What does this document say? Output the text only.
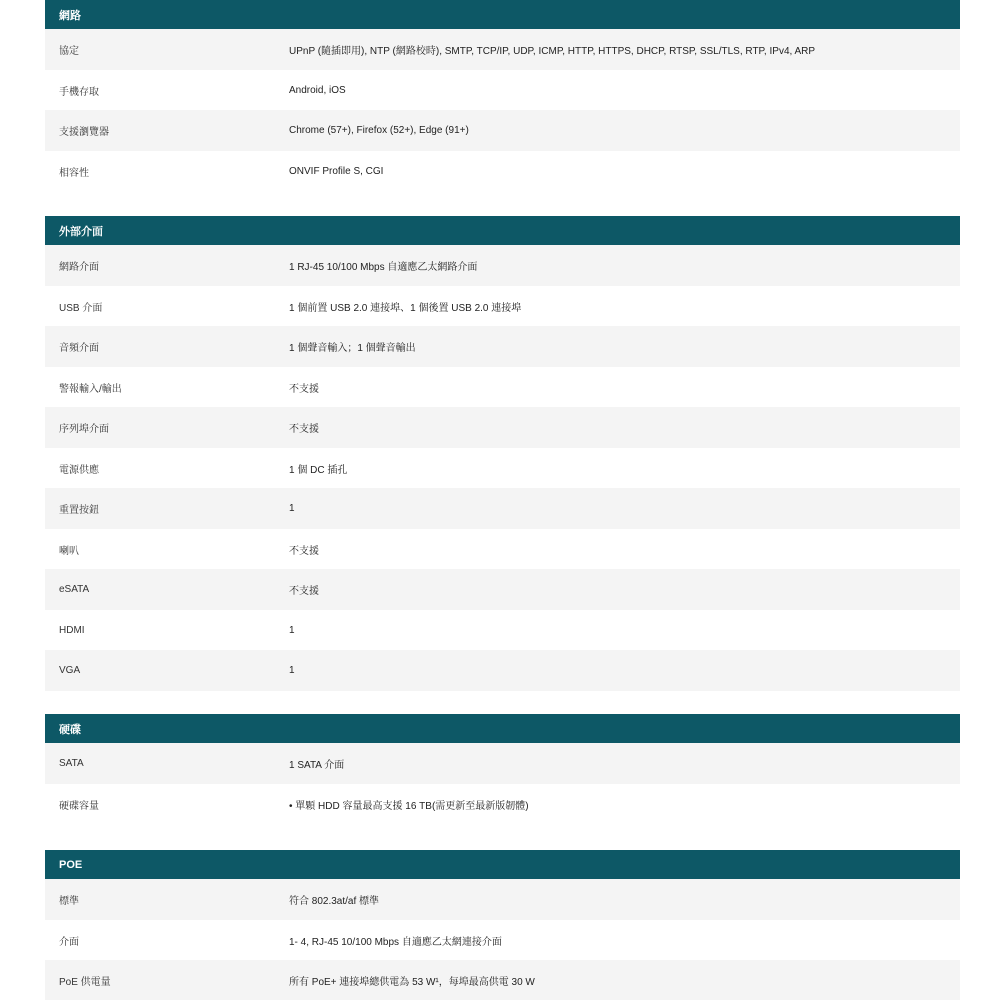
網路
協定	UPnP (隨插即用), NTP (網路校時), SMTP, TCP/IP, UDP, ICMP, HTTP, HTTPS, DHCP, RTSP, SSL/TLS, RTP, IPv4, ARP
手機存取	Android, iOS
支援瀏覽器	Chrome (57+), Firefox (52+), Edge (91+)
相容性	ONVIF Profile S, CGI
外部介面
網路介面	1 RJ-45 10/100 Mbps 自適應乙太網路介面
USB 介面	1 個前置 USB 2.0 連接埠、1 個後置 USB 2.0 連接埠
音頻介面	1 個聲音輸入；1 個聲音輸出
警報輸入/輸出	不支援
序列埠介面	不支援
電源供應	1 個 DC 插孔
重置按鈕	1
喇叭	不支援
eSATA	不支援
HDMI	1
VGA	1
硬碟
SATA	1 SATA 介面
硬碟容量	• 單顆 HDD 容量最高支援 16 TB(需更新至最新版韌體)
POE
標準	符合 802.3at/af 標準
介面	1- 4, RJ-45 10/100 Mbps 自適應乙太網連接介面
PoE 供電量	所有 PoE+ 連接埠總供電為 53 W¹，每埠最高供電 30 W
